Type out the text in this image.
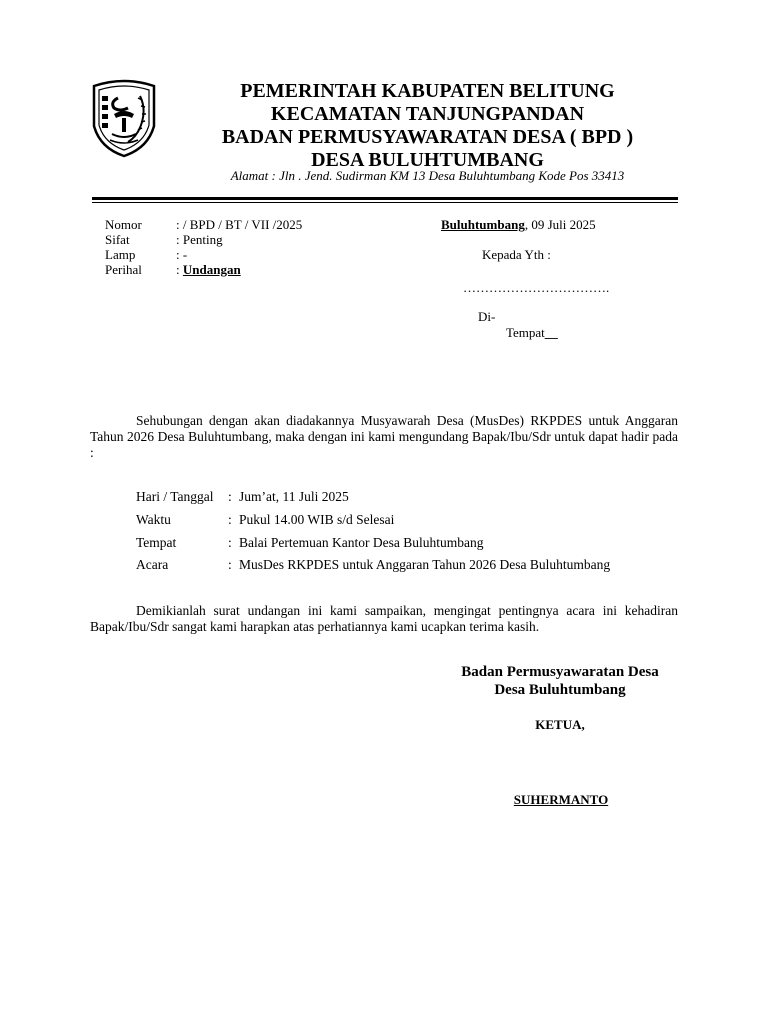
PEMERINTAH KABUPATEN BELITUNG
KECAMATAN TANJUNGPANDAN
BADAN PERMUSYAWARATAN DESA ( BPD )
DESA BULUHTUMBANG
Alamat : Jln . Jend. Sudirman KM 13 Desa Buluhtumbang Kode Pos 33413
Nomor	: / BPD / BT / VII /2025
Sifat	: Penting
Lamp	: -
Perihal	: Undangan
Buluhtumbang, 09 Juli 2025
Kepada Yth :
…………………………….
Di-
Tempat__
Sehubungan dengan akan diadakannya Musyawarah Desa (MusDes) RKPDES untuk Anggaran Tahun 2026 Desa Buluhtumbang, maka dengan ini kami mengundang Bapak/Ibu/Sdr untuk dapat hadir pada :
Hari / Tanggal : Jum’at, 11 Juli 2025
Waktu	: Pukul 14.00 WIB s/d Selesai
Tempat	: Balai Pertemuan Kantor Desa Buluhtumbang
Acara	: MusDes RKPDES untuk Anggaran Tahun 2026 Desa Buluhtumbang
Demikianlah surat undangan ini kami sampaikan, mengingat pentingnya acara ini kehadiran Bapak/Ibu/Sdr sangat kami harapkan atas perhatiannya kami ucapkan terima kasih.
Badan Permusyawaratan Desa
Desa Buluhtumbang
KETUA,
SUHERMANTO
